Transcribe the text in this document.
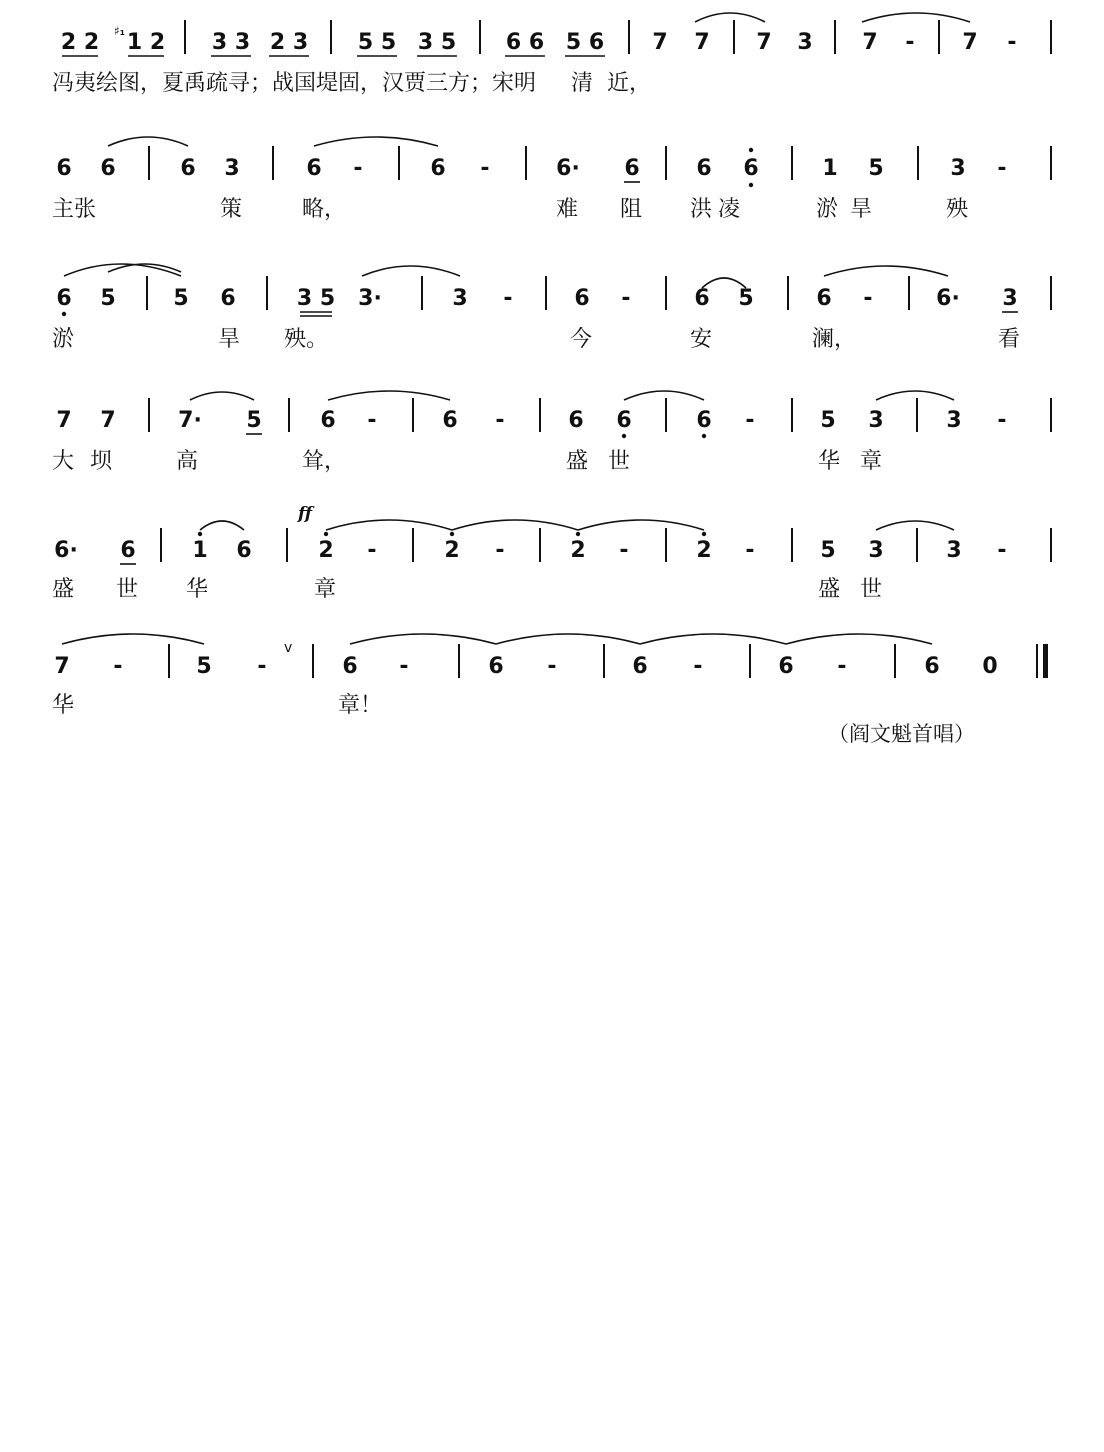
2 2 1 2
♯₁	3 3 2 3 5 5 3 5 6 6 5 6 7 7 7 3 7 - 7 -
冯夷绘图，夏禹疏寻；战国堤固，汉贾三方；宋明     清  近，
6 6	6 3	6 -	6 -	6· 6	6 6	1 5	3 -
主张	策	略，	难 阻 洪凌	淤旱	殃
6 5	5 6	3 5 3·	3 -	6 -	6 5	6 -	6· 3
淤	旱 殃。	今	安	澜，	看
7 7	7· 5	6 -	6 -	6 6	6 -	5 3	3 -
大坝 高	耸，	盛世	华章
ff
6· 6	1 6	2 -	2 -	2 -	2 -	5 3	3 -
盛 世 华	章	盛世
7 -	5 -
v
6 -	6 -	6 -	6 -	6 0
华	章！
（阎文魁首唱）
